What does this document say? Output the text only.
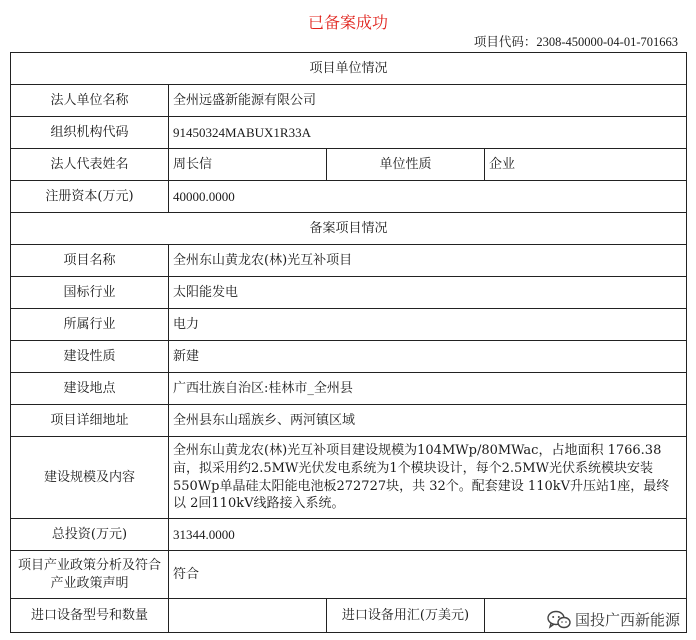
已备案成功
项目代码：2308-450000-04-01-701663
项目单位情况			
法人单位名称	全州远盛新能源有限公司		
组织机构代码	91450324MABUX1R33A		
法人代表姓名	周长信	单位性质	企业
注册资本(万元)	40000.0000		
备案项目情况			
项目名称	全州东山黄龙农(林)光互补项目		
国标行业	太阳能发电		
所属行业	电力		
建设性质	新建		
建设地点	广西壮族自治区:桂林市_全州县		
项目详细地址	全州县东山瑶族乡、两河镇区域		
建设规模及内容	全州东山黄龙农(林)光互补项目建设规模为104MWp/80MWac，占地面积 1766.38亩，拟采用约2.5MW光伏发电系统为1个模块设计，每个2.5MW光伏系统模块安装550Wp单晶硅太阳能电池板272727块，共 32个。配套建设 110kV升压站1座，最终以 2回110kV线路接入系统。		
总投资(万元)	31344.0000		
项目产业政策分析及符合产业政策声明	符合		
进口设备型号和数量		进口设备用汇(万美元)		国投广西新能源
